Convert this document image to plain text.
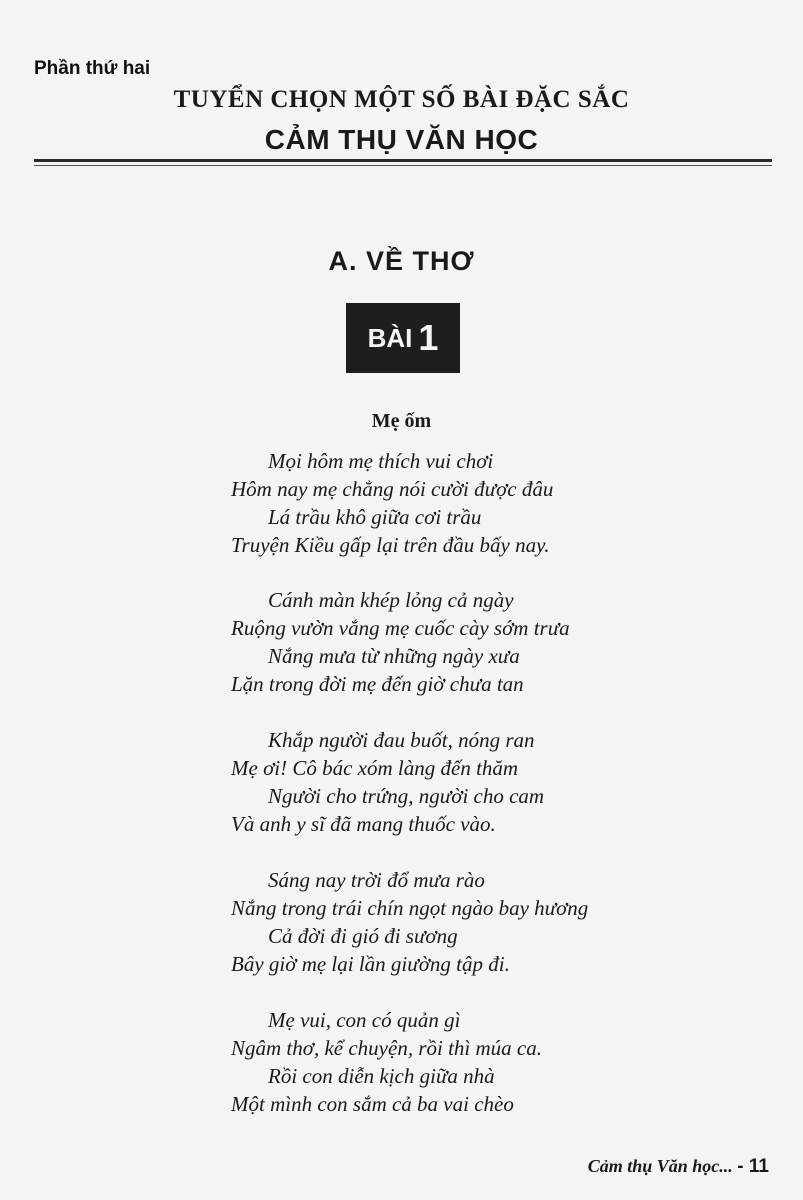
Phần thứ hai
TUYỂN CHỌN MỘT SỐ BÀI ĐẶC SẮC
CẢM THỤ VĂN HỌC
A. VỀ THƠ
BÀI 1
Mẹ ốm
Mọi hôm mẹ thích vui chơi
Hôm nay mẹ chẳng nói cười được đâu
Lá trầu khô giữa cơi trầu
Truyện Kiều gấp lại trên đầu bấy nay.
Cánh màn khép lỏng cả ngày
Ruộng vườn vắng mẹ cuốc cày sớm trưa
Nắng mưa từ những ngày xưa
Lặn trong đời mẹ đến giờ chưa tan
Khắp người đau buốt, nóng ran
Mẹ ơi! Cô bác xóm làng đến thăm
Người cho trứng, người cho cam
Và anh y sĩ đã mang thuốc vào.
Sáng nay trời đổ mưa rào
Nắng trong trái chín ngọt ngào bay hương
Cả đời đi gió đi sương
Bây giờ mẹ lại lần giường tập đi.
Mẹ vui, con có quản gì
Ngâm thơ, kể chuyện, rồi thì múa ca.
Rồi con diễn kịch giữa nhà
Một mình con sắm cả ba vai chèo
Cảm thụ Văn học... - 11
